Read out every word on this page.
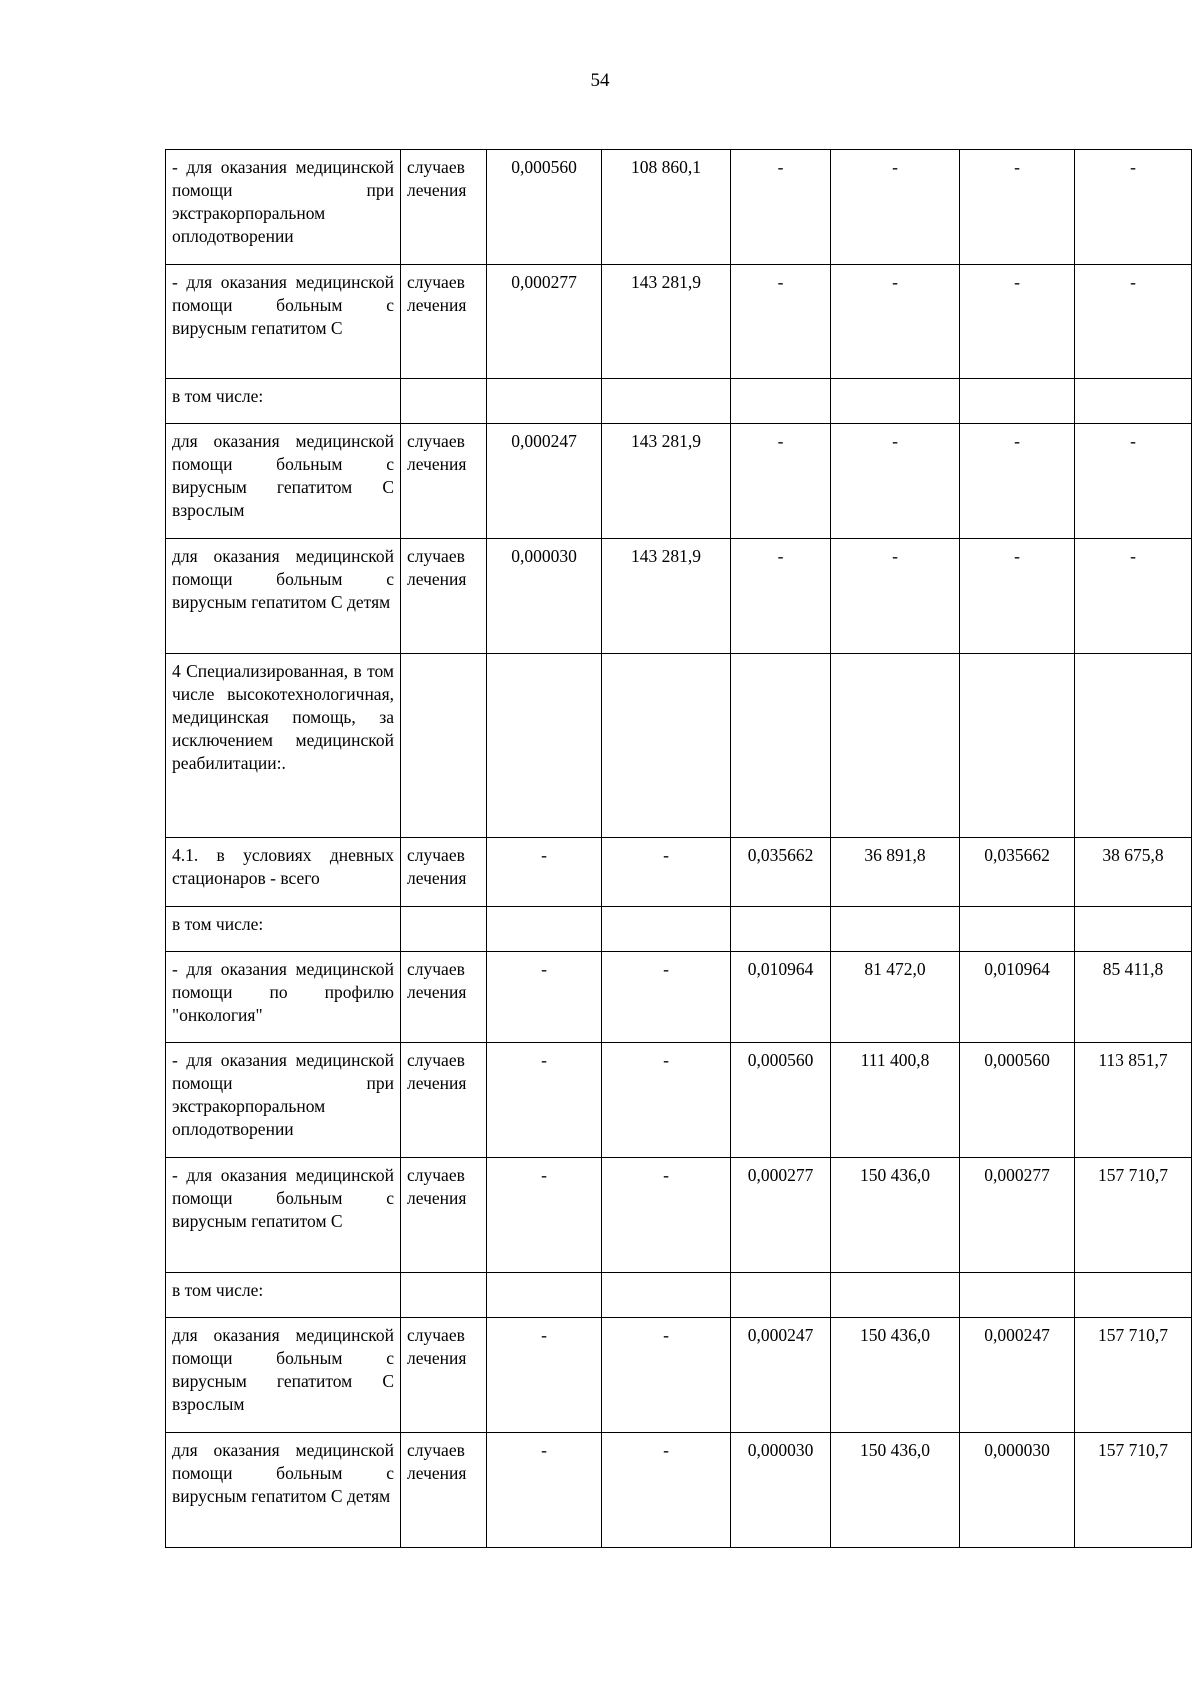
54
- для оказания медицинской помощи при экстракорпоральном оплодотворении	случаев лечения	0,000560	108 860,1	-	-	-	-
- для оказания медицинской помощи больным с вирусным гепатитом С	случаев лечения	0,000277	143 281,9	-	-	-	-
в том числе:							
для оказания медицинской помощи больным с вирусным гепатитом С взрослым	случаев лечения	0,000247	143 281,9	-	-	-	-
для оказания медицинской помощи больным с вирусным гепатитом С детям	случаев лечения	0,000030	143 281,9	-	-	-	-
4 Специализированная, в том числе высокотехнологичная, медицинская помощь, за исключением медицинской реабилитации:.							
4.1. в условиях дневных стационаров - всего	случаев лечения	-	-	0,035662	36 891,8	0,035662	38 675,8
в том числе:							
- для оказания медицинской помощи по профилю "онкология"	случаев лечения	-	-	0,010964	81 472,0	0,010964	85 411,8
- для оказания медицинской помощи при экстракорпоральном оплодотворении	случаев лечения	-	-	0,000560	111 400,8	0,000560	113 851,7
- для оказания медицинской помощи больным с вирусным гепатитом С	случаев лечения	-	-	0,000277	150 436,0	0,000277	157 710,7
в том числе:							
для оказания медицинской помощи больным с вирусным гепатитом С взрослым	случаев лечения	-	-	0,000247	150 436,0	0,000247	157 710,7
для оказания медицинской помощи больным с вирусным гепатитом С детям	случаев лечения	-	-	0,000030	150 436,0	0,000030	157 710,7
